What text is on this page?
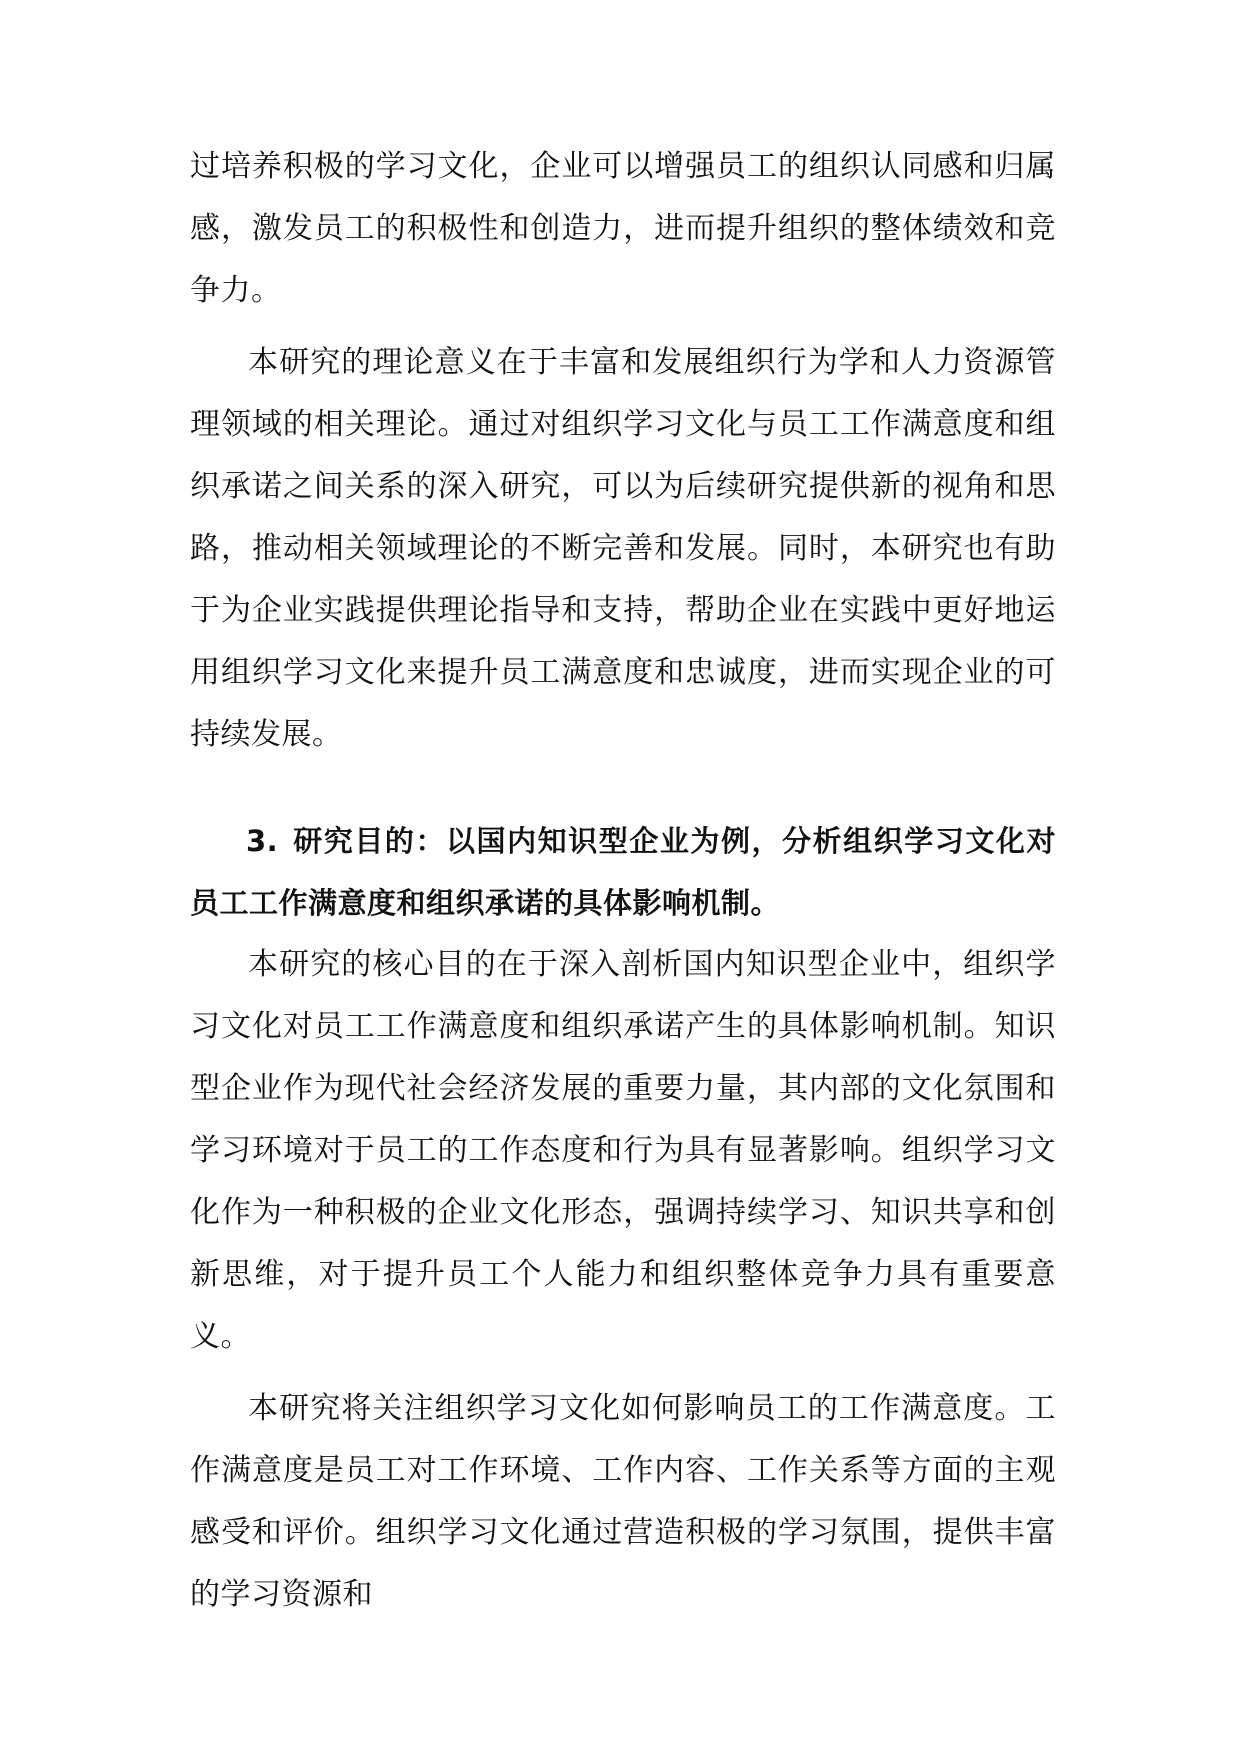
过培养积极的学习文化，企业可以增强员工的组织认同感和归属感，激发员工的积极性和创造力，进而提升组织的整体绩效和竞争力。

本研究的理论意义在于丰富和发展组织行为学和人力资源管理领域的相关理论。通过对组织学习文化与员工工作满意度和组织承诺之间关系的深入研究，可以为后续研究提供新的视角和思路，推动相关领域理论的不断完善和发展。同时，本研究也有助于为企业实践提供理论指导和支持，帮助企业在实践中更好地运用组织学习文化来提升员工满意度和忠诚度，进而实现企业的可持续发展。

3. 研究目的：以国内知识型企业为例，分析组织学习文化对员工工作满意度和组织承诺的具体影响机制。

本研究的核心目的在于深入剖析国内知识型企业中，组织学习文化对员工工作满意度和组织承诺产生的具体影响机制。知识型企业作为现代社会经济发展的重要力量，其内部的文化氛围和学习环境对于员工的工作态度和行为具有显著影响。组织学习文化作为一种积极的企业文化形态，强调持续学习、知识共享和创新思维，对于提升员工个人能力和组织整体竞争力具有重要意义。

本研究将关注组织学习文化如何影响员工的工作满意度。工作满意度是员工对工作环境、工作内容、工作关系等方面的主观感受和评价。组织学习文化通过营造积极的学习氛围，提供丰富的学习资源和
